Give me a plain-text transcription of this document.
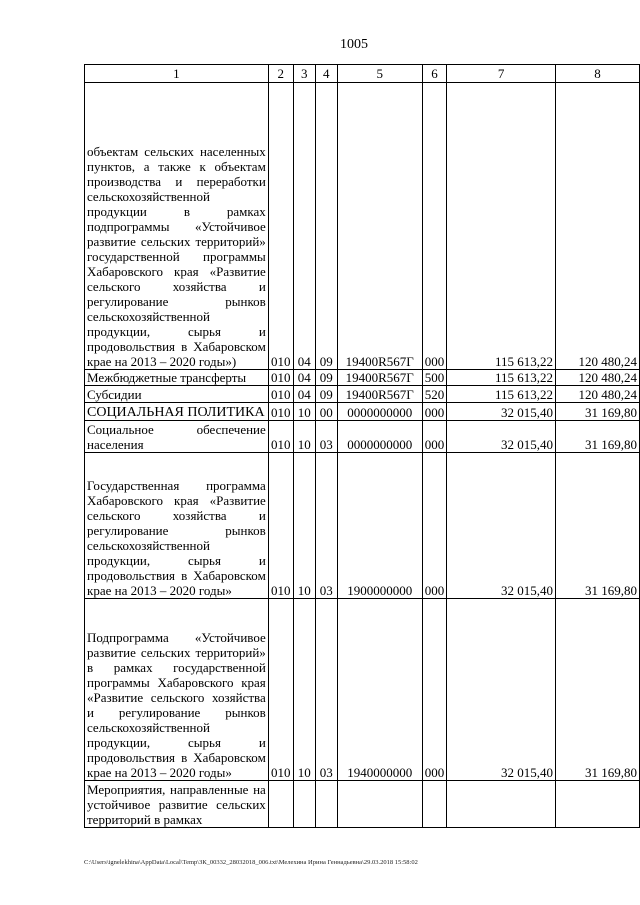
1005
1	2	3	4	5	6	7	8
объектам сельских населенных пунктов, а также к объектам производства и переработки сельскохозяйственной продукции в рамках подпрограммы «Устойчивое развитие сельских территорий» государственной программы Хабаровского края «Развитие сельского хозяйства и регулирование рынков сельскохозяйственной продукции, сырья и продовольствия в Хабаровском крае на 2013 – 2020 годы»)	010	04	09	19400R567Г	000	115 613,22	120 480,24
Межбюджетные трансферты	010	04	09	19400R567Г	500	115 613,22	120 480,24
Субсидии	010	04	09	19400R567Г	520	115 613,22	120 480,24
СОЦИАЛЬНАЯ ПОЛИТИКА	010	10	00	0000000000	000	32 015,40	31 169,80
Социальное обеспечение населения	010	10	03	0000000000	000	32 015,40	31 169,80
Государственная программа Хабаровского края «Развитие сельского хозяйства и регулирование рынков сельскохозяйственной продукции, сырья и продовольствия в Хабаровском крае на 2013 – 2020 годы»	010	10	03	1900000000	000	32 015,40	31 169,80
Подпрограмма «Устойчивое развитие сельских территорий» в рамках государственной программы Хабаровского края «Развитие сельского хозяйства и регулирование рынков сельскохозяйственной продукции, сырья и продовольствия в Хабаровском крае на 2013 – 2020 годы»	010	10	03	1940000000	000	32 015,40	31 169,80
Мероприятия, направленные на устойчивое развитие сельских территорий в рамках							
C:\Users\ignelekhina\AppData\Local\Temp\ЗК_00332_28032018_006.txt\Мелехина Ирина Геннадьевна\29.03.2018 15:58:02
